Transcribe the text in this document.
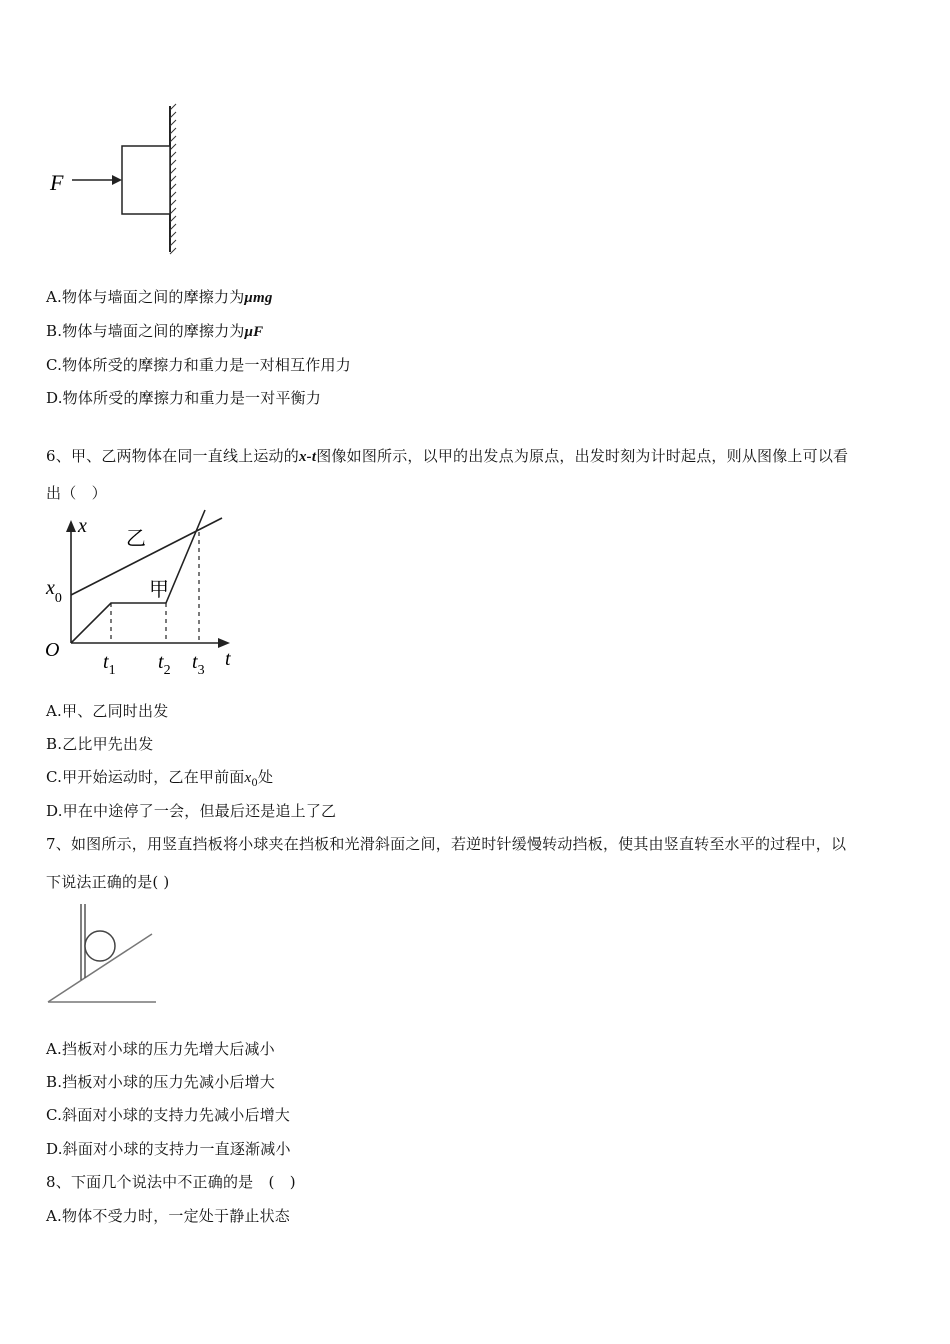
F
A.物体与墙面之间的摩擦力为μmg
B.物体与墙面之间的摩擦力为μF
C.物体所受的摩擦力和重力是一对相互作用力
D.物体所受的摩擦力和重力是一对平衡力
6、甲、乙两物体在同一直线上运动的x-t图像如图所示，以甲的出发点为原点，出发时刻为计时起点，则从图像上可以看
出（　）
x
t
O
$x_0$
$t_1$ $t_2$ $t_3$
甲
乙
A.甲、乙同时出发
B.乙比甲先出发
C.甲开始运动时，乙在甲前面$x_0$处
D.甲在中途停了一会，但最后还是追上了乙
7、如图所示，用竖直挡板将小球夹在挡板和光滑斜面之间，若逆时针缓慢转动挡板，使其由竖直转至水平的过程中，以
下说法正确的是( )
A.挡板对小球的压力先增大后减小
B.挡板对小球的压力先减小后增大
C.斜面对小球的支持力先减小后增大
D.斜面对小球的支持力一直逐渐减小
8、下面几个说法中不正确的是　(　)
A.物体不受力时，一定处于静止状态
